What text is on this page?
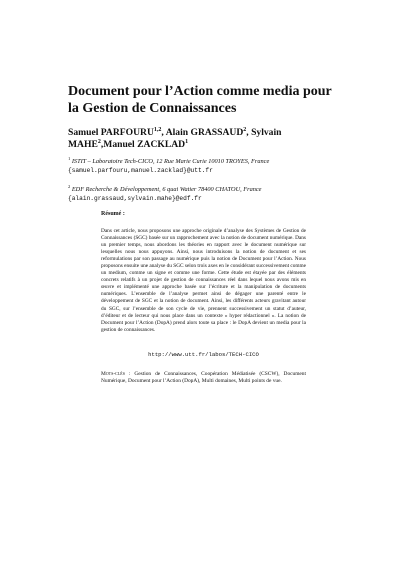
Document pour l’Action comme media pour la Gestion de Connaissances
Samuel PARFOURU$^{1,2}$, Alain GRASSAUD$^2$, Sylvain MAHE$^2$,Manuel ZACKLAD$^1$
$^1$ ISTIT – Laboratoire Tech-CICO, 12 Rue Marie Curie 10010 TROYES, France
{samuel.parfouru,manuel.zacklad}@utt.fr
$^2$ EDF Recherche & Développement, 6 quai Watier 78400 CHATOU, France
{alain.grassaud,sylvain.mahe}@edf.fr
Résumé :

Dans cet article, nous proposons une approche originale d’analyse des Systèmes de Gestion de Connaissances (SGC) basée sur un rapprochement avec la notion de document numérique. Dans un premier temps, nous abordons les théories en rapport avec le document numérique sur lesquelles nous nous appuyons. Ainsi, nous introduisons la notion de document et ses reformulations par son passage au numérique puis la notion de Document pour l’Action. Nous proposons ensuite une analyse du SGC selon trois axes en le considérant successivement comme un medium, comme un signe et comme une forme. Cette étude est étayée par des éléments concrets relatifs à un projet de gestion de connaissances réel dans lequel nous avons mis en œuvre et implémenté une approche basée sur l’écriture et la manipulation de documents numériques. L’ensemble de l’analyse permet ainsi de dégager une parenté entre le développement de SGC et la notion de document. Ainsi, les différents acteurs gravitant autour du SGC, sur l’ensemble de son cycle de vie, prennent successivement un statut d’auteur, d’éditeur et de lecteur qui nous place dans un contexte « hyper rédactionnel ». La notion de Document pour l’Action (DopA) prend alors toute sa place : le DopA devient un media pour la gestion de connaissances.

http://www.utt.fr/labos/TECH-CICO
Mots-clés : Gestion de Connaissances, Coopération Médiatisée (CSCW), Document Numérique, Document pour l’Action (DopA), Multi domaines, Multi points de vue.
